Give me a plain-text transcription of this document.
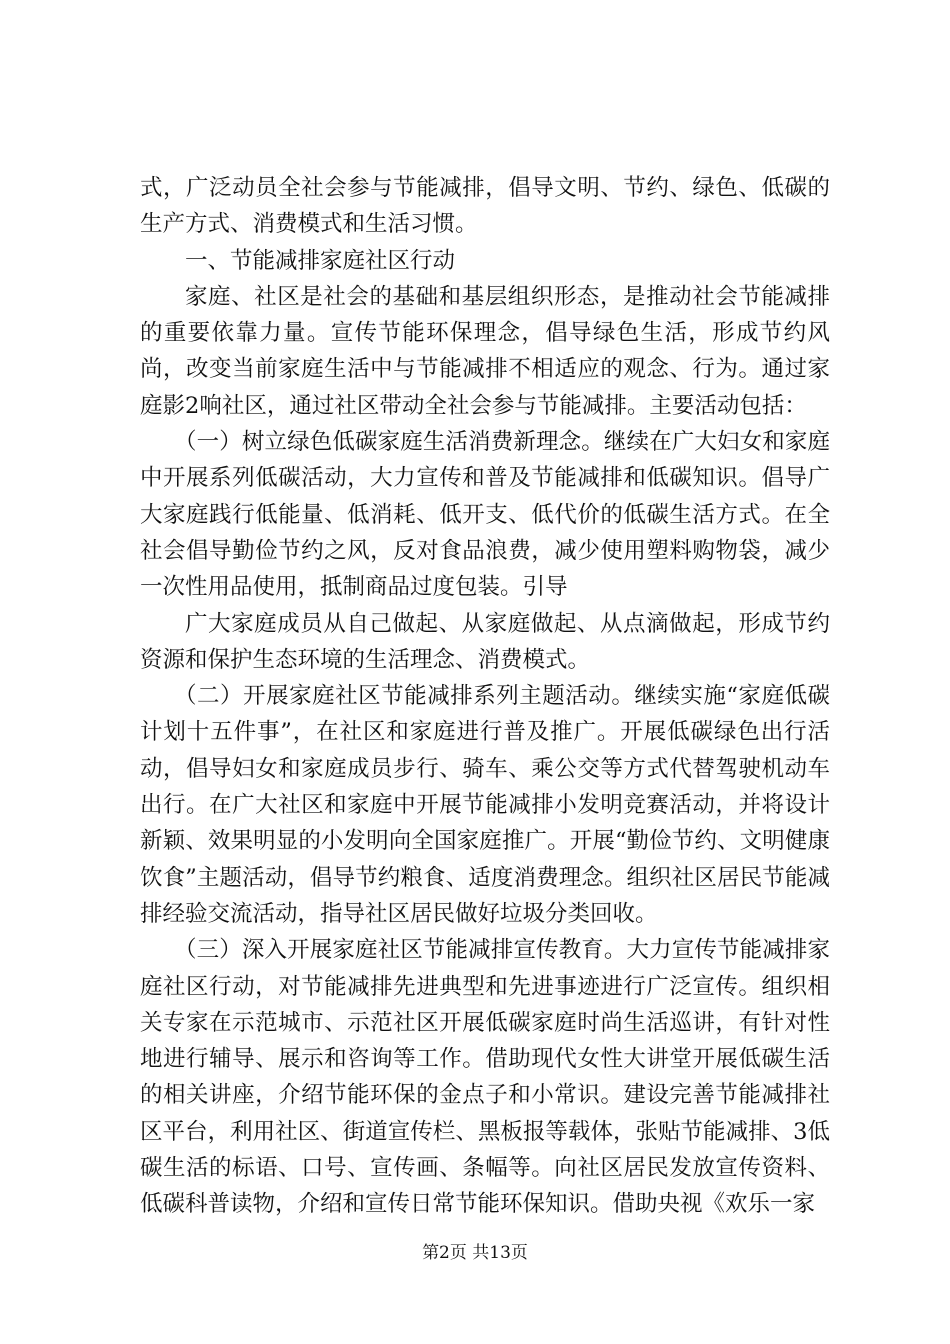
式，广泛动员全社会参与节能减排，倡导文明、节约、绿色、低碳的生产方式、消费模式和生活习惯。

一、节能减排家庭社区行动

家庭、社区是社会的基础和基层组织形态，是推动社会节能减排的重要依靠力量。宣传节能环保理念，倡导绿色生活，形成节约风尚，改变当前家庭生活中与节能减排不相适应的观念、行为。通过家庭影2响社区，通过社区带动全社会参与节能减排。主要活动包括：

（一）树立绿色低碳家庭生活消费新理念。继续在广大妇女和家庭中开展系列低碳活动，大力宣传和普及节能减排和低碳知识。倡导广大家庭践行低能量、低消耗、低开支、低代价的低碳生活方式。在全社会倡导勤俭节约之风，反对食品浪费，减少使用塑料购物袋，减少一次性用品使用，抵制商品过度包装。引导

广大家庭成员从自己做起、从家庭做起、从点滴做起，形成节约资源和保护生态环境的生活理念、消费模式。

（二）开展家庭社区节能减排系列主题活动。继续实施“家庭低碳计划十五件事”，在社区和家庭进行普及推广。开展低碳绿色出行活动，倡导妇女和家庭成员步行、骑车、乘公交等方式代替驾驶机动车出行。在广大社区和家庭中开展节能减排小发明竞赛活动，并将设计新颖、效果明显的小发明向全国家庭推广。开展“勤俭节约、文明健康饮食”主题活动，倡导节约粮食、适度消费理念。组织社区居民节能减排经验交流活动，指导社区居民做好垃圾分类回收。

（三）深入开展家庭社区节能减排宣传教育。大力宣传节能减排家庭社区行动，对节能减排先进典型和先进事迹进行广泛宣传。组织相关专家在示范城市、示范社区开展低碳家庭时尚生活巡讲，有针对性地进行辅导、展示和咨询等工作。借助现代女性大讲堂开展低碳生活的相关讲座，介绍节能环保的金点子和小常识。建设完善节能减排社区平台，利用社区、街道宣传栏、黑板报等载体，张贴节能减排、3低碳生活的标语、口号、宣传画、条幅等。向社区居民发放宣传资料、低碳科普读物，介绍和宣传日常节能环保知识。借助央视《欢乐一家

第2页 共13页
